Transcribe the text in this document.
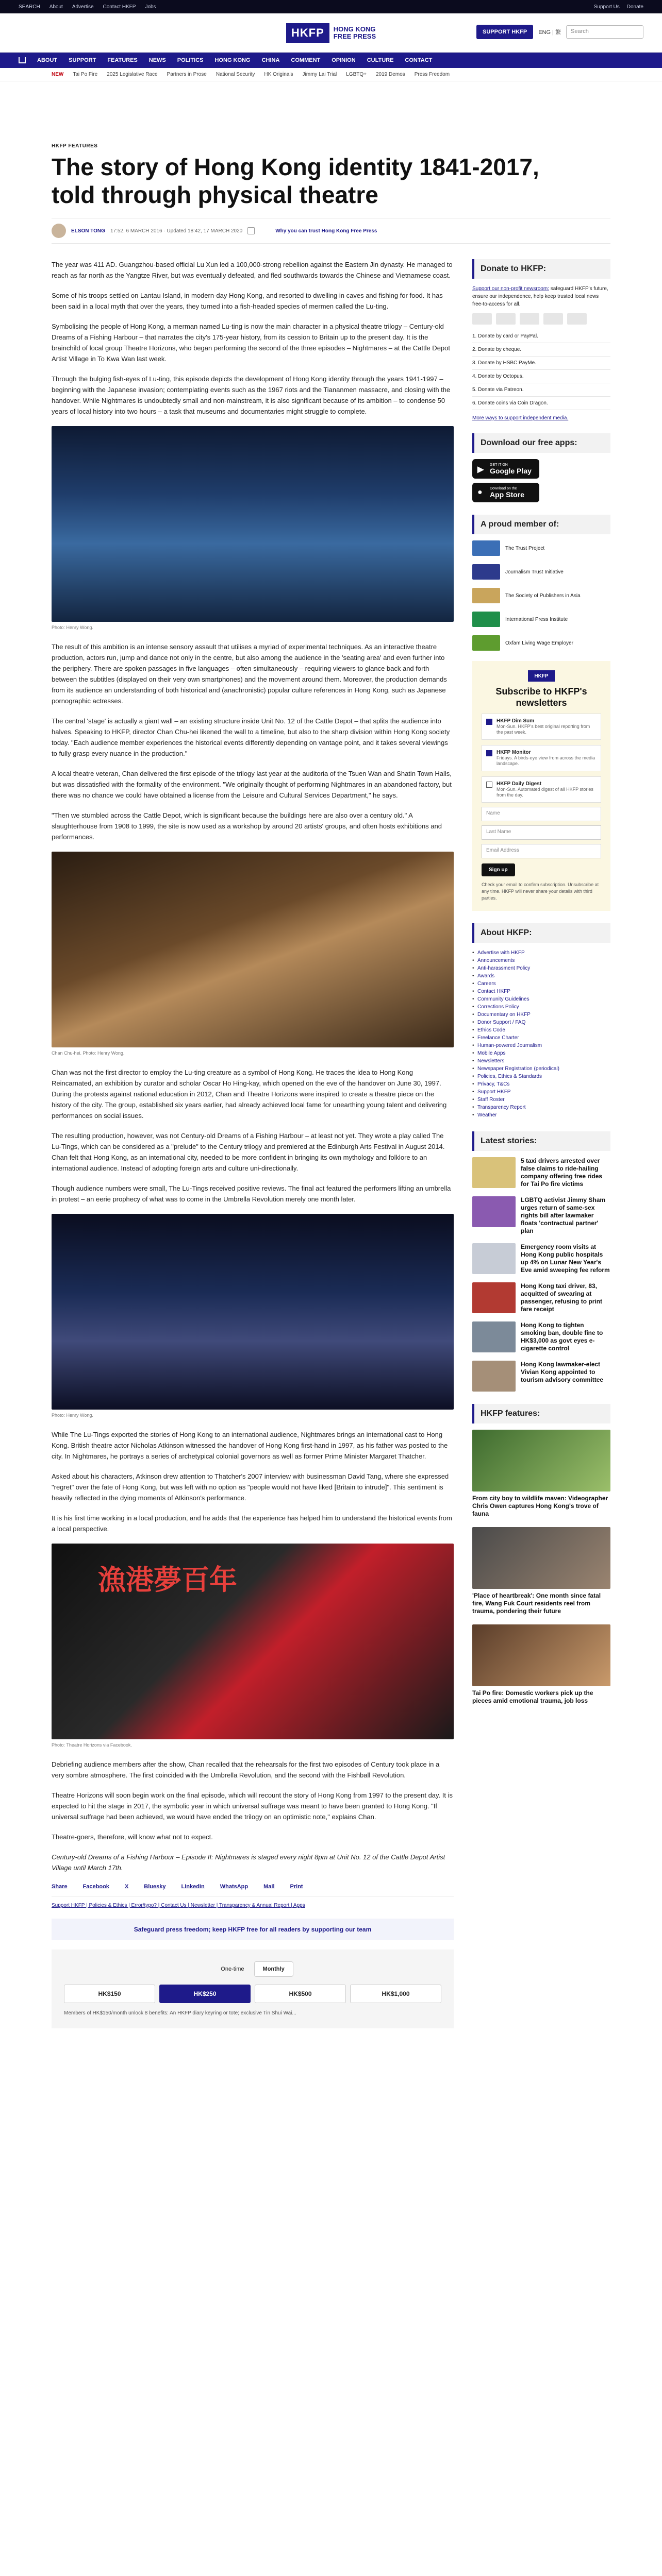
SEARCH About Advertise Contact HKFP Jobs	Support Us Donate
HKFP	HONG KONG
FREE PRESS
SUPPORT HKFP	ENG | 繁	Search
ABOUT SUPPORT FEATURES NEWS POLITICS HONG KONG CHINA COMMENT OPINION CULTURE CONTACT
NEW Tai Po Fire 2025 Legislative Race Partners in Prose National Security HK Originals Jimmy Lai Trial LGBTQ+ 2019 Demos Press Freedom
HKFP FEATURES
The story of Hong Kong identity 1841-2017, told through physical theatre
ELSON TONG 17:52, 6 MARCH 2016 · Updated 18:42, 17 MARCH 2020	Why you can trust Hong Kong Free Press

The year was 411 AD. Guangzhou-based official Lu Xun led a 100,000-strong rebellion against the Eastern Jin dynasty. He managed to reach as far north as the Yangtze River, but was eventually defeated, and fled southwards towards the Chinese and Vietnamese coast.

Some of his troops settled on Lantau Island, in modern-day Hong Kong, and resorted to dwelling in caves and fishing for food. It has been said in a local myth that over the years, they turned into a fish-headed species of mermen called the Lu-ting.

Symbolising the people of Hong Kong, a merman named Lu-ting is now the main character in a physical theatre trilogy – Century-old Dreams of a Fishing Harbour – that narrates the city's 175-year history, from its cession to Britain up to the present day. It is the brainchild of local group Theatre Horizons, who began performing the second of the three episodes – Nightmares – at the Cattle Depot Artist Village in To Kwa Wan last week.

Through the bulging fish-eyes of Lu-ting, this episode depicts the development of Hong Kong identity through the years 1941-1997 – beginning with the Japanese invasion; contemplating events such as the 1967 riots and the Tiananmen massacre, and closing with the handover. While Nightmares is undoubtedly small and non-mainstream, it is also significant because of its ambition – to condense 50 years of local history into two hours – a task that museums and documentaries might struggle to complete.

Photo: Henry Wong.

The result of this ambition is an intense sensory assault that utilises a myriad of experimental techniques. As an interactive theatre production, actors run, jump and dance not only in the centre, but also among the audience in the 'seating area' and even further into the periphery. There are spoken passages in five languages – often simultaneously – requiring viewers to glance back and forth between the subtitles (displayed on their very own smartphones) and the movement around them. Moreover, the production demands from its audience an understanding of both historical and (anachronistic) popular culture references in Hong Kong, such as Japanese pornographic actresses.

The central 'stage' is actually a giant wall – an existing structure inside Unit No. 12 of the Cattle Depot – that splits the audience into halves. Speaking to HKFP, director Chan Chu-hei likened the wall to a timeline, but also to the sharp division within Hong Kong society today. "Each audience member experiences the historical events differently depending on vantage point, and it takes several viewings to fully grasp every nuance in the production."

A local theatre veteran, Chan delivered the first episode of the trilogy last year at the auditoria of the Tsuen Wan and Shatin Town Halls, but was dissatisfied with the formality of the environment. "We originally thought of performing Nightmares in an abandoned factory, but there was no chance we could have obtained a license from the Leisure and Cultural Services Department," he says.

"Then we stumbled across the Cattle Depot, which is significant because the buildings here are also over a century old." A slaughterhouse from 1908 to 1999, the site is now used as a workshop by around 20 artists' groups, and often hosts exhibitions and performances.

Chan Chu-hei. Photo: Henry Wong.

Chan was not the first director to employ the Lu-ting creature as a symbol of Hong Kong. He traces the idea to Hong Kong Reincarnated, an exhibition by curator and scholar Oscar Ho Hing-kay, which opened on the eve of the handover on June 30, 1997. During the protests against national education in 2012, Chan and Theatre Horizons were inspired to create a theatre piece on the history of the city. The group, established six years earlier, had already achieved local fame for unearthing young talent and delivering performances on social issues.

The resulting production, however, was not Century-old Dreams of a Fishing Harbour – at least not yet. They wrote a play called The Lu-Tings, which can be considered as a "prelude" to the Century trilogy and premiered at the Edinburgh Arts Festival in August 2014. Chan felt that Hong Kong, as an international city, needed to be more confident in bringing its own mythology and folklore to an international audience. Instead of adopting foreign arts and culture uni-directionally.

Though audience numbers were small, The Lu-Tings received positive reviews. The final act featured the performers lifting an umbrella in protest – an eerie prophecy of what was to come in the Umbrella Revolution merely one month later.

Photo: Henry Wong.

While The Lu-Tings exported the stories of Hong Kong to an international audience, Nightmares brings an international cast to Hong Kong. British theatre actor Nicholas Atkinson witnessed the handover of Hong Kong first-hand in 1997, as his father was posted to the city. In Nightmares, he portrays a series of archetypical colonial governors as well as former Prime Minister Margaret Thatcher.

Asked about his characters, Atkinson drew attention to Thatcher's 2007 interview with businessman David Tang, where she expressed "regret" over the fate of Hong Kong, but was left with no option as "people would not have liked [Britain to intrude]". This sentiment is heavily reflected in the dying moments of Atkinson's performance.

It is his first time working in a local production, and he adds that the experience has helped him to understand the historical events from a local perspective.

漁港夢百年
Photo: Theatre Horizons via Facebook.

Debriefing audience members after the show, Chan recalled that the rehearsals for the first two episodes of Century took place in a very sombre atmosphere. The first coincided with the Umbrella Revolution, and the second with the Fishball Revolution.

Theatre Horizons will soon begin work on the final episode, which will recount the story of Hong Kong from 1997 to the present day. It is expected to hit the stage in 2017, the symbolic year in which universal suffrage was meant to have been granted to Hong Kong. "If universal suffrage had been achieved, we would have ended the trilogy on an optimistic note," explains Chan.

Theatre-goers, therefore, will know what not to expect.

Century-old Dreams of a Fishing Harbour – Episode II: Nightmares is staged every night 8pm at Unit No. 12 of the Cattle Depot Artist Village until March 17th.

Share	Facebook	X	Bluesky	LinkedIn	WhatsApp	Mail	Print
Support HKFP | Policies & Ethics | Error/typo? | Contact Us | Newsletter | Transparency & Annual Report | Apps
Safeguard press freedom; keep HKFP free for all readers by supporting our team
One-time	Monthly
HK$150	HK$250	HK$500	HK$1,000
Members of HK$150/month unlock 8 benefits: An HKFP diary keyring or tote; exclusive Tin Shui Wai...
Donate to HKFP:
Support our non-profit newsroom: safeguard HKFP's future, ensure our independence, help keep trusted local news free-to-access for all.
1. Donate by card or PayPal.
2. Donate by cheque.
3. Donate by HSBC PayMe.
4. Donate by Octopus.
5. Donate via Patreon.
6. Donate coins via Coin Dragon.
More ways to support independent media.
Download our free apps:
▶
GET IT ON
Google Play
● Download on the
App Store
A proud member of:
The Trust Project
Journalism Trust Initiative
The Society of Publishers in Asia
International Press Institute
Oxfam Living Wage Employer
HKFP
Subscribe to HKFP's newsletters
HKFP Dim Sum
Mon-Sun. HKFP's best original reporting from the past week.
HKFP Monitor
Fridays. A birds-eye view from across the media landscape.
HKFP Daily Digest
Mon-Sun. Automated digest of all HKFP stories from the day.
Name
Last Name
Email Address
Sign up
Check your email to confirm subscription. Unsubscribe at any time. HKFP will never share your details with third parties.
About HKFP:
• Advertise with HKFP
• Announcements
• Anti-harassment Policy
• Awards
• Careers
• Contact HKFP
• Community Guidelines
• Corrections Policy
• Documentary on HKFP
• Donor Support / FAQ
• Ethics Code
• Freelance Charter
• Human-powered Journalism
• Mobile Apps
• Newsletters
• Newspaper Registration (periodical)
• Policies, Ethics & Standards
• Privacy, T&Cs
• Support HKFP
• Staff Roster
• Transparency Report
• Weather
Latest stories:
5 taxi drivers arrested over false claims to ride-hailing company offering free rides for Tai Po fire victims
LGBTQ activist Jimmy Sham urges return of same-sex rights bill after lawmaker floats 'contractual partner' plan
Emergency room visits at Hong Kong public hospitals up 4% on Lunar New Year's Eve amid sweeping fee reform
Hong Kong taxi driver, 83, acquitted of swearing at passenger, refusing to print fare receipt
Hong Kong to tighten smoking ban, double fine to HK$3,000 as govt eyes e-cigarette control
Hong Kong lawmaker-elect Vivian Kong appointed to tourism advisory committee
HKFP features:
From city boy to wildlife maven: Videographer Chris Owen captures Hong Kong's trove of fauna
'Place of heartbreak': One month since fatal fire, Wang Fuk Court residents reel from trauma, pondering their future
Tai Po fire: Domestic workers pick up the pieces amid emotional trauma, job loss
